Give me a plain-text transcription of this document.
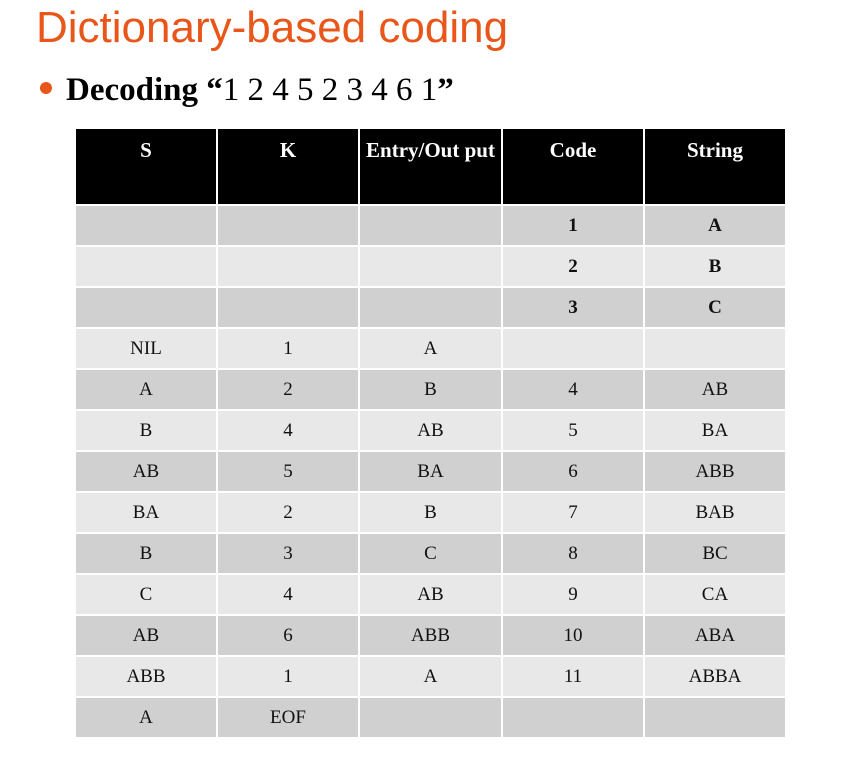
Dictionary-based coding
Decoding “1 2 4 5 2 3 4 6 1”
S	K	Entry/Out put	Code	String
			1	A
			2	B
			3	C
NIL	1	A		
A	2	B	4	AB
B	4	AB	5	BA
AB	5	BA	6	ABB
BA	2	B	7	BAB
B	3	C	8	BC
C	4	AB	9	CA
AB	6	ABB	10	ABA
ABB	1	A	11	ABBA
A	EOF			
